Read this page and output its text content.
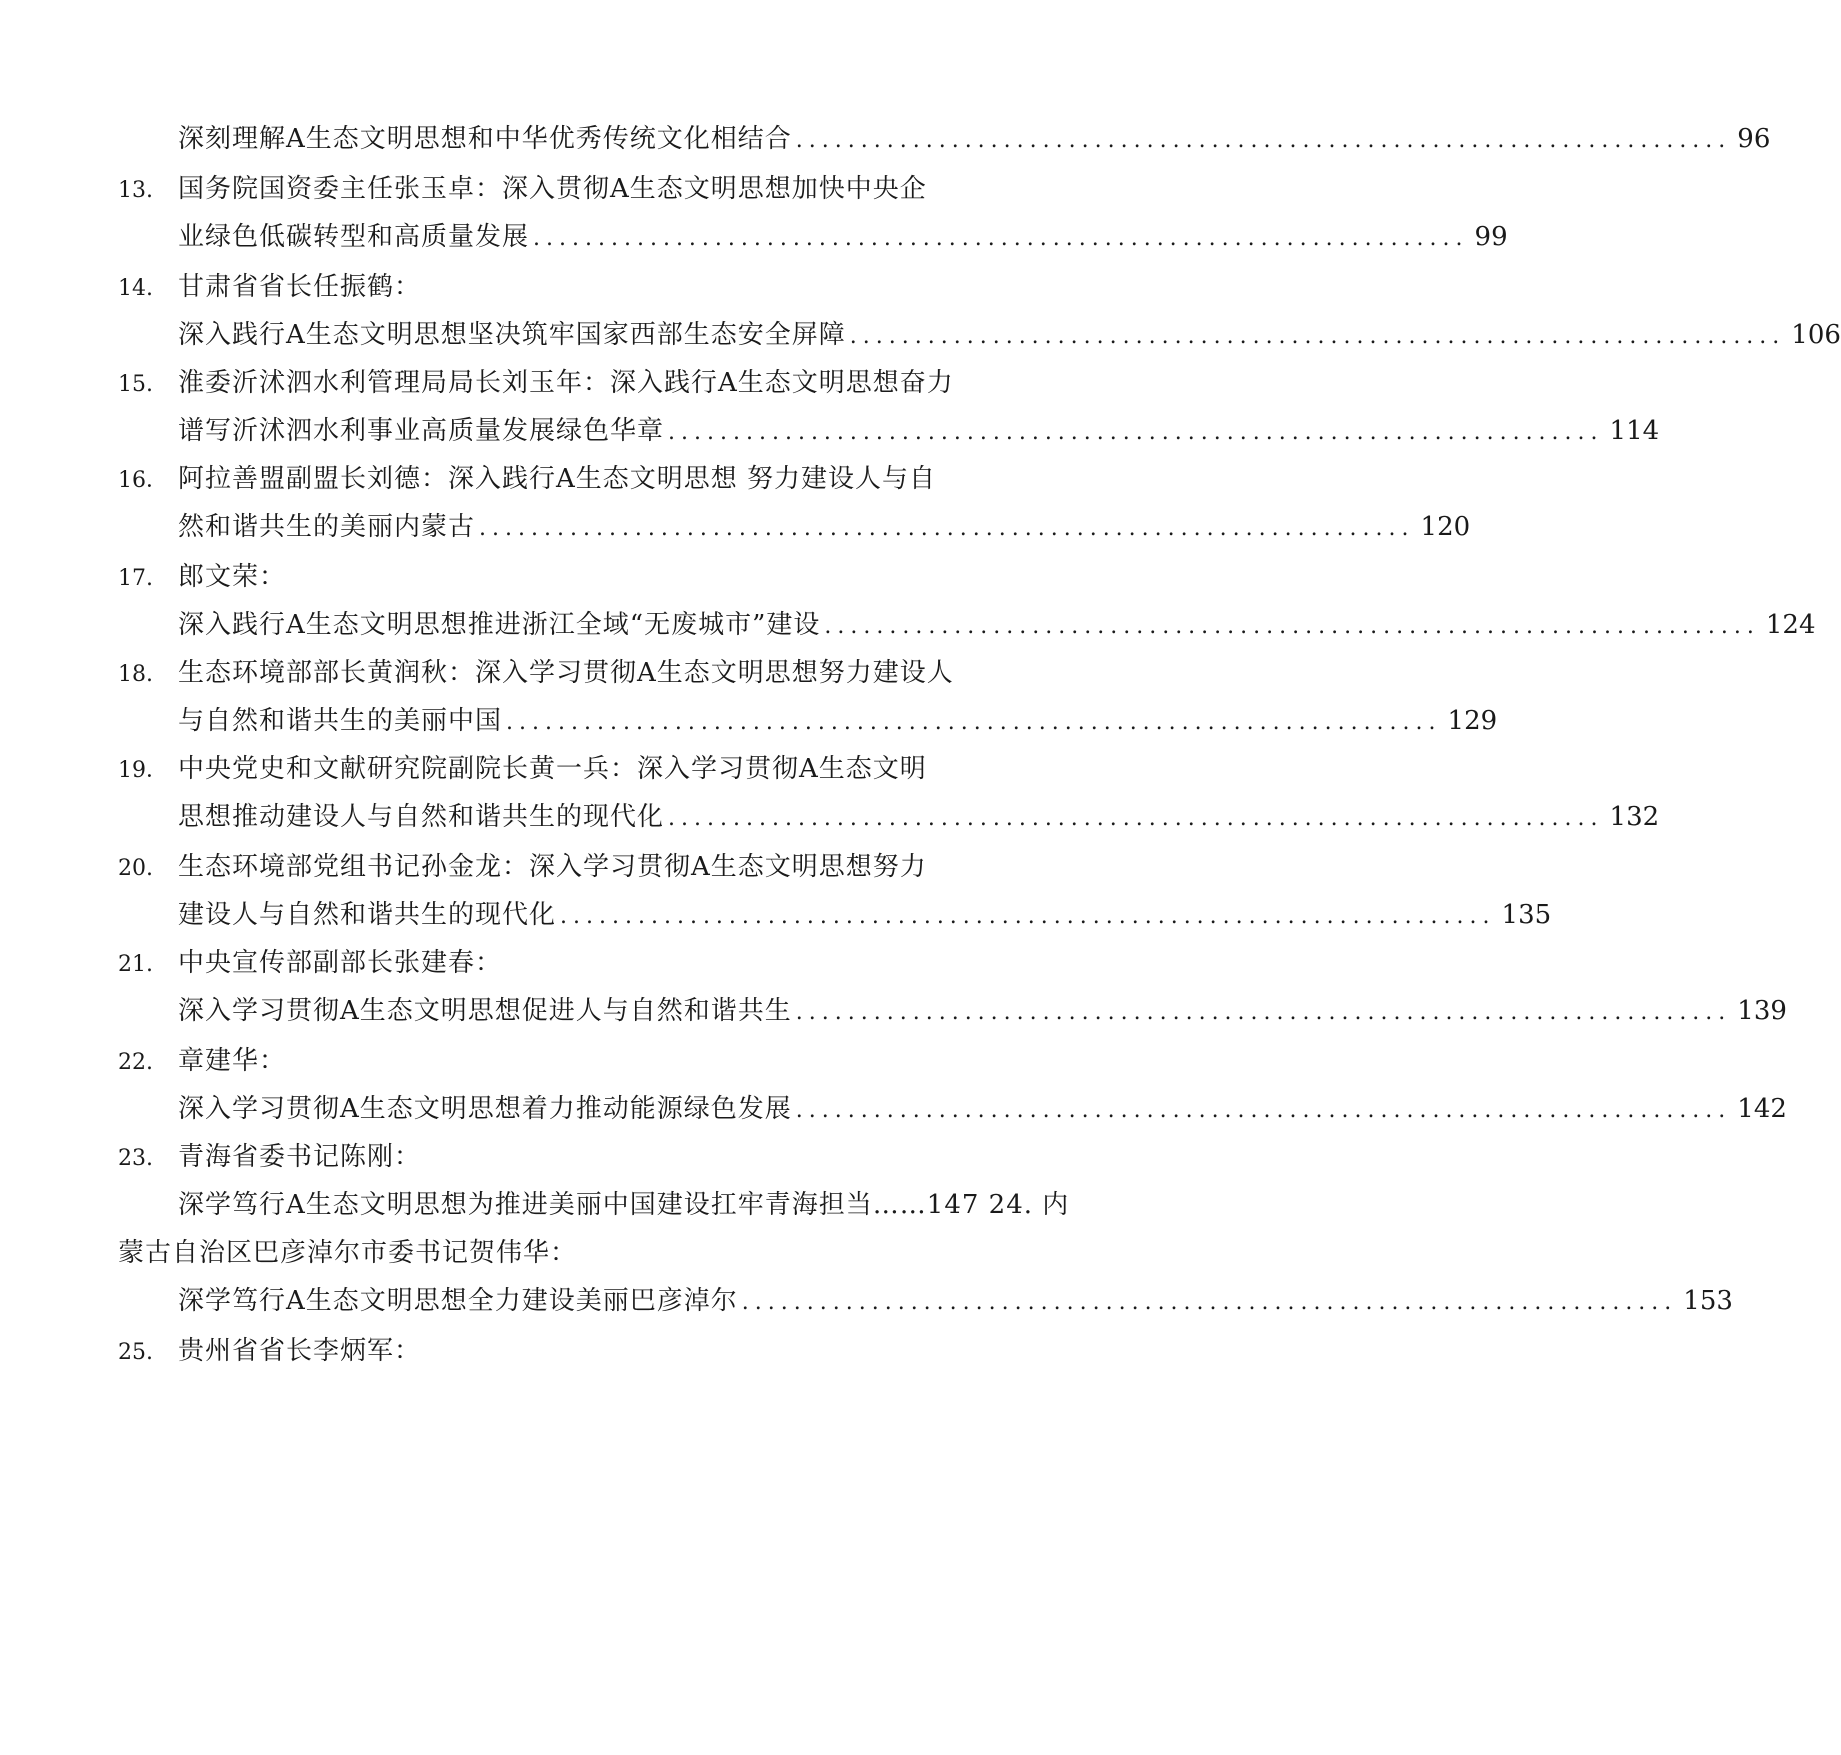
深刻理解A生态文明思想和中华优秀传统文化相结合 ........................................................................ 96
13. 国务院国资委主任张玉卓：深入贯彻A生态文明思想加快中央企
业绿色低碳转型和高质量发展 ........................................................................ 99
14. 甘肃省省长任振鹤：
深入践行A生态文明思想坚决筑牢国家西部生态安全屏障 ........................................................................ 106
15. 淮委沂沭泗水利管理局局长刘玉年：深入践行A生态文明思想奋力
谱写沂沭泗水利事业高质量发展绿色华章 ........................................................................ 114
16． 阿拉善盟副盟长刘德：深入践行A生态文明思想 努力建设人与自
然和谐共生的美丽内蒙古 ........................................................................ 120
17. 郎文荣：
深入践行A生态文明思想推进浙江全域“无废城市”建设 ........................................................................ 124
18. 生态环境部部长黄润秋：深入学习贯彻A生态文明思想努力建设人
与自然和谐共生的美丽中国 ........................................................................ 129
19． 中央党史和文献研究院副院长黄一兵：深入学习贯彻A生态文明
思想推动建设人与自然和谐共生的现代化 ........................................................................ 132
20. 生态环境部党组书记孙金龙：深入学习贯彻A生态文明思想努力
建设人与自然和谐共生的现代化 ........................................................................ 135
21. 中央宣传部副部长张建春：
深入学习贯彻A生态文明思想促进人与自然和谐共生 ........................................................................ 139
22. 章建华：
深入学习贯彻A生态文明思想着力推动能源绿色发展 ........................................................................ 142
23. 青海省委书记陈刚：
深学笃行A生态文明思想为推进美丽中国建设扛牢青海担当……147 24. 内
蒙古自治区巴彦淖尔市委书记贺伟华：
深学笃行A生态文明思想全力建设美丽巴彦淖尔 ........................................................................ 153
25. 贵州省省长李炳军：
